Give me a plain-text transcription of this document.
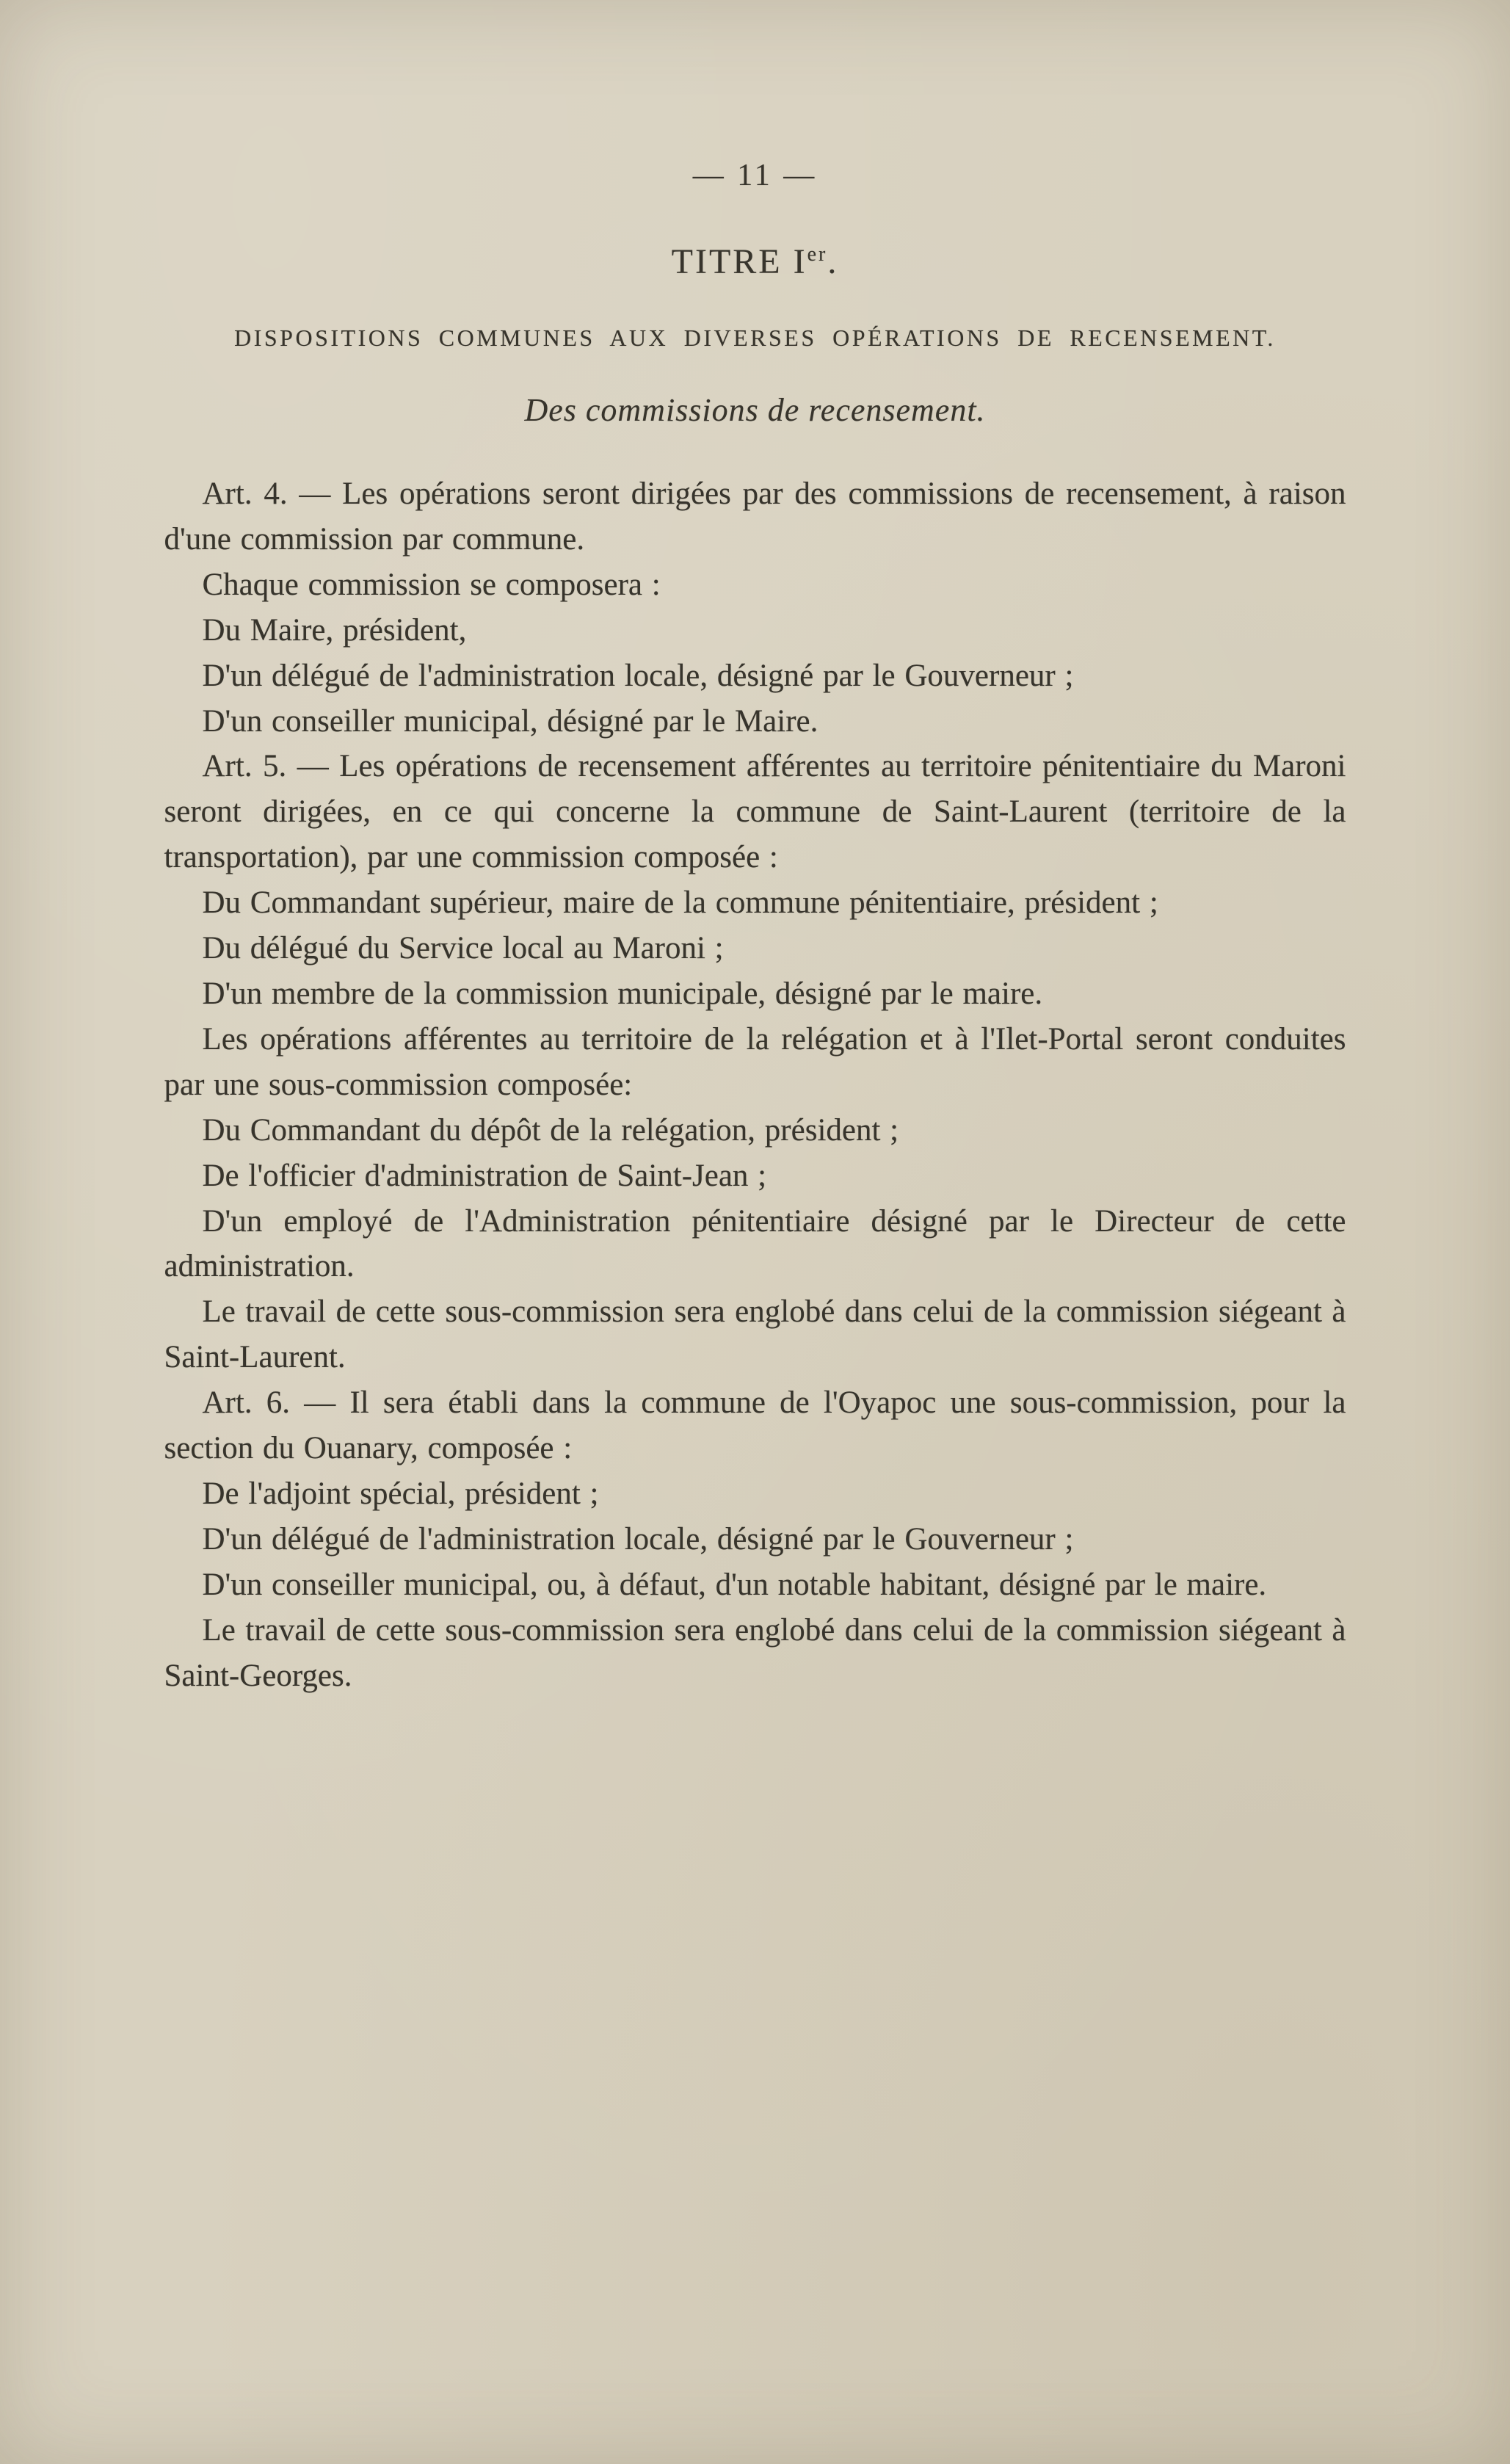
— 11 —
TITRE Ier.
DISPOSITIONS COMMUNES AUX DIVERSES OPÉRATIONS DE RECENSEMENT.
Des commissions de recensement.

Art. 4. — Les opérations seront dirigées par des commissions de recensement, à raison d'une commission par commune.

Chaque commission se composera :

Du Maire, président,

D'un délégué de l'administration locale, désigné par le Gouverneur ;

D'un conseiller municipal, désigné par le Maire.

Art. 5. — Les opérations de recensement afférentes au territoire pénitentiaire du Maroni seront dirigées, en ce qui concerne la commune de Saint-Laurent (territoire de la transportation), par une commission composée :

Du Commandant supérieur, maire de la commune pénitentiaire, président ;

Du délégué du Service local au Maroni ;

D'un membre de la commission municipale, désigné par le maire.

Les opérations afférentes au territoire de la relégation et à l'Ilet-Portal seront conduites par une sous-commission composée:

Du Commandant du dépôt de la relégation, président ;

De l'officier d'administration de Saint-Jean ;

D'un employé de l'Administration pénitentiaire désigné par le Directeur de cette administration.

Le travail de cette sous-commission sera englobé dans celui de la commission siégeant à Saint-Laurent.

Art. 6. — Il sera établi dans la commune de l'Oyapoc une sous-commission, pour la section du Ouanary, composée :

De l'adjoint spécial, président ;

D'un délégué de l'administration locale, désigné par le Gouverneur ;

D'un conseiller municipal, ou, à défaut, d'un notable habitant, désigné par le maire.

Le travail de cette sous-commission sera englobé dans celui de la commission siégeant à Saint-Georges.
